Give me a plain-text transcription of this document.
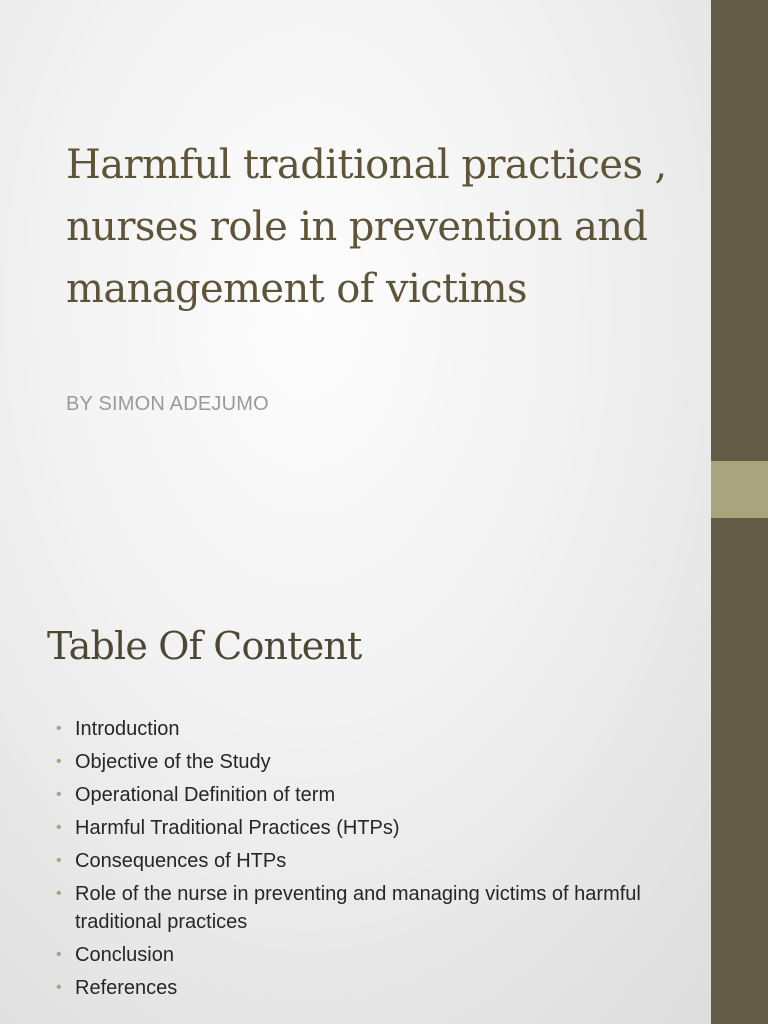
Harmful traditional practices , nurses role in prevention and management of victims

BY SIMON ADEJUMO

Table Of Content
• Introduction
• Objective of the Study
• Operational Definition of term
• Harmful Traditional Practices (HTPs)
• Consequences of HTPs
• Role of the nurse in preventing and managing victims of harmful traditional practices
• Conclusion
• References
